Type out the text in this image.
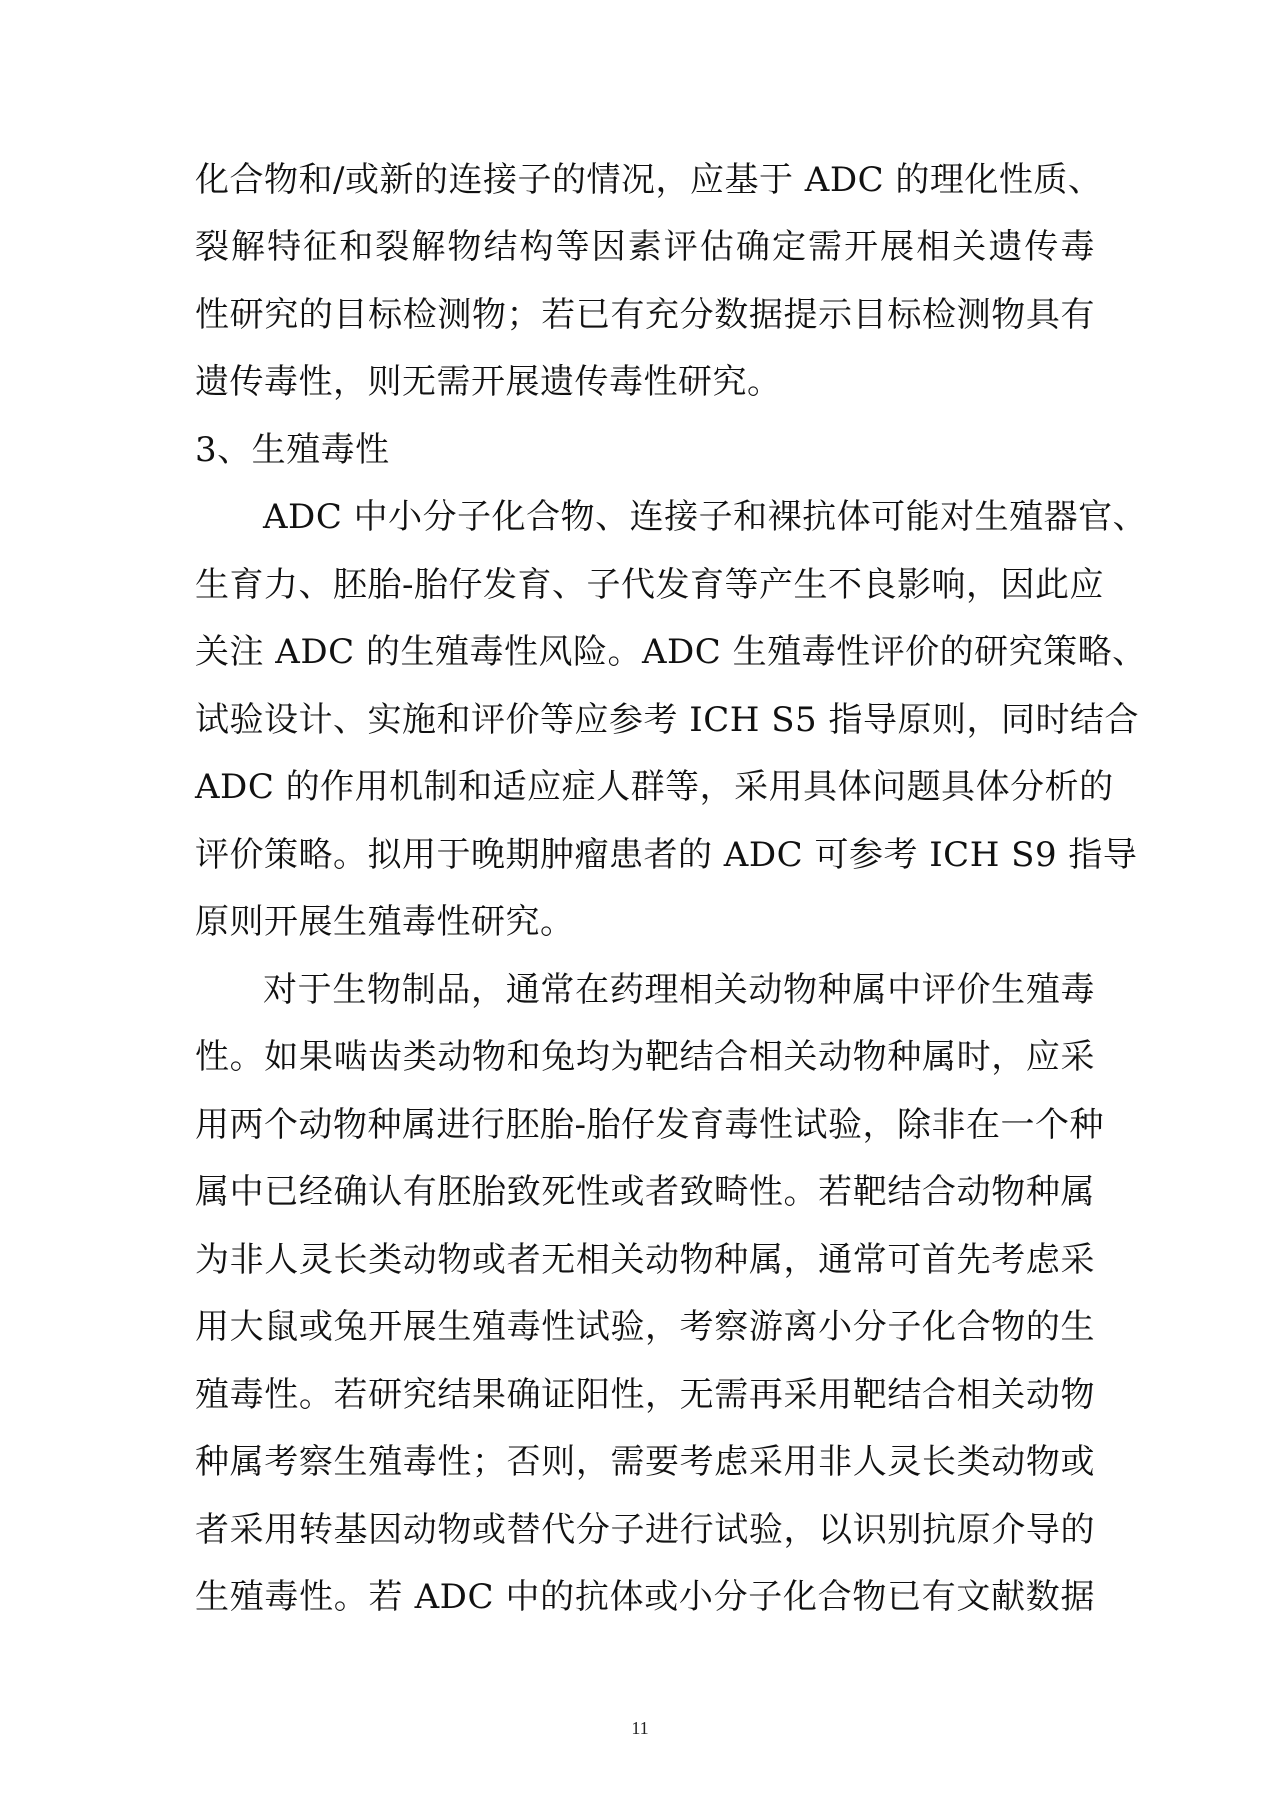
化合物和/或新的连接子的情况，应基于 ADC 的理化性质、
裂解特征和裂解物结构等因素评估确定需开展相关遗传毒
性研究的目标检测物；若已有充分数据提示目标检测物具有
遗传毒性，则无需开展遗传毒性研究。
3、生殖毒性
ADC 中小分子化合物、连接子和裸抗体可能对生殖器官、
生育力、胚胎-胎仔发育、子代发育等产生不良影响，因此应
关注 ADC 的生殖毒性风险。ADC 生殖毒性评价的研究策略、
试验设计、实施和评价等应参考 ICH S5 指导原则，同时结合
ADC 的作用机制和适应症人群等，采用具体问题具体分析的
评价策略。拟用于晚期肿瘤患者的 ADC 可参考 ICH S9 指导
原则开展生殖毒性研究。
对于生物制品，通常在药理相关动物种属中评价生殖毒
性。如果啮齿类动物和兔均为靶结合相关动物种属时，应采
用两个动物种属进行胚胎-胎仔发育毒性试验，除非在一个种
属中已经确认有胚胎致死性或者致畸性。若靶结合动物种属
为非人灵长类动物或者无相关动物种属，通常可首先考虑采
用大鼠或兔开展生殖毒性试验，考察游离小分子化合物的生
殖毒性。若研究结果确证阳性，无需再采用靶结合相关动物
种属考察生殖毒性；否则，需要考虑采用非人灵长类动物或
者采用转基因动物或替代分子进行试验，以识别抗原介导的
生殖毒性。若 ADC 中的抗体或小分子化合物已有文献数据
11
